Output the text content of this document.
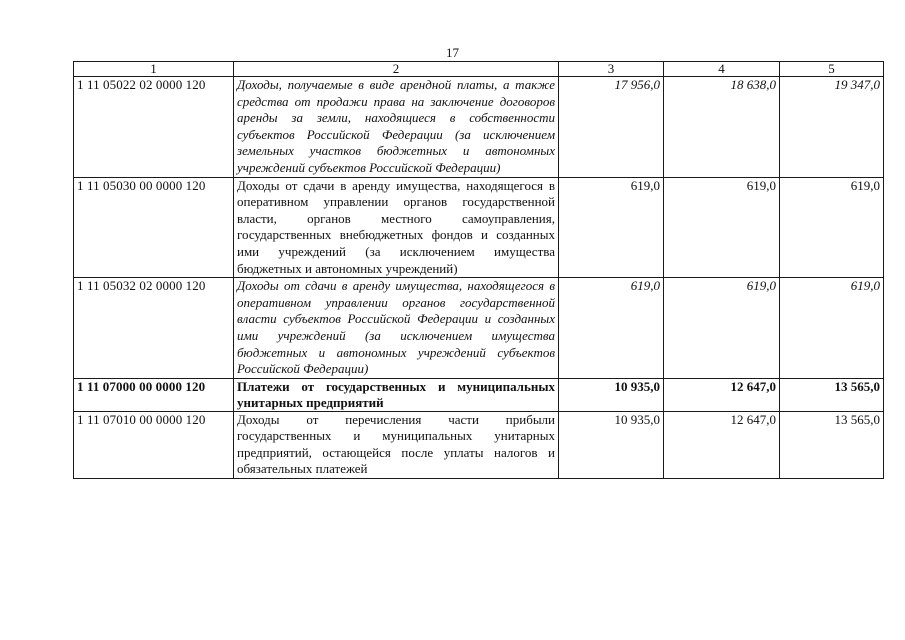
17
1	2	3	4	5
1 11 05022 02 0000 120	Доходы, получаемые в виде арендной платы, а также средства от продажи права на заключение договоров аренды за земли, находящиеся в собственности субъектов Российской Федерации (за исключением земельных участков бюджетных и автономных учреждений субъектов Российской Федерации)	17 956,0	18 638,0	19 347,0
1 11 05030 00 0000 120	Доходы от сдачи в аренду имущества, находящегося в оперативном управлении органов государственной власти, органов местного самоуправления, государственных внебюджетных фондов и созданных ими учреждений (за исключением имущества бюджетных и автономных учреждений)	619,0	619,0	619,0
1 11 05032 02 0000 120	Доходы от сдачи в аренду имущества, находящегося в оперативном управлении органов государственной власти субъектов Российской Федерации и созданных ими учреждений (за исключением имущества бюджетных и автономных учреждений субъектов Российской Федерации)	619,0	619,0	619,0
1 11 07000 00 0000 120	Платежи от государственных и муниципальных унитарных предприятий	10 935,0	12 647,0	13 565,0
1 11 07010 00 0000 120	Доходы от перечисления части прибыли государственных и муниципальных унитарных предприятий, остающейся после уплаты налогов и обязательных платежей	10 935,0	12 647,0	13 565,0
